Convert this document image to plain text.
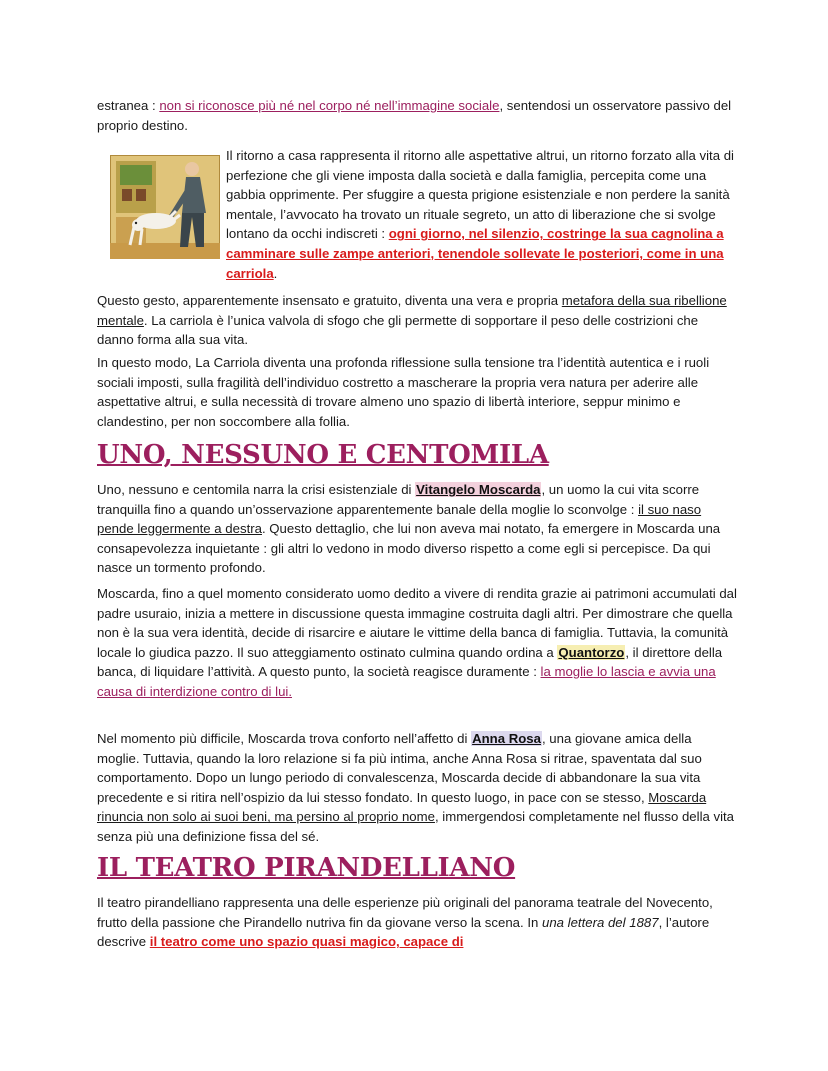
estranea : non si riconosce più né nel corpo né nell’immagine sociale, sentendosi un osservatore passivo del proprio destino.

Il ritorno a casa rappresenta il ritorno alle aspettative altrui, un ritorno forzato alla vita di perfezione che gli viene imposta dalla società e dalla famiglia, percepita come una gabbia opprimente. Per sfuggire a questa prigione esistenziale e non perdere la sanità mentale, l’avvocato ha trovato un rituale segreto, un atto di liberazione che si svolge lontano da occhi indiscreti : ogni giorno, nel silenzio, costringe la sua cagnolina a camminare sulle zampe anteriori, tenendole sollevate le posteriori, come in una carriola.

Questo gesto, apparentemente insensato e gratuito, diventa una vera e propria metafora della sua ribellione mentale. La carriola è l’unica valvola di sfogo che gli permette di sopportare il peso delle costrizioni che danno forma alla sua vita.

In questo modo, La Carriola diventa una profonda riflessione sulla tensione tra l’identità autentica e i ruoli sociali imposti, sulla fragilità dell’individuo costretto a mascherare la propria vera natura per aderire alle aspettative altrui, e sulla necessità di trovare almeno uno spazio di libertà interiore, seppur minimo e clandestino, per non soccombere alla follia.

UNO, NESSUNO E CENTOMILA

Uno, nessuno e centomila narra la crisi esistenziale di Vitangelo Moscarda, un uomo la cui vita scorre tranquilla fino a quando un’osservazione apparentemente banale della moglie lo sconvolge : il suo naso pende leggermente a destra. Questo dettaglio, che lui non aveva mai notato, fa emergere in Moscarda una consapevolezza inquietante : gli altri lo vedono in modo diverso rispetto a come egli si percepisce. Da qui nasce un tormento profondo.

Moscarda, fino a quel momento considerato uomo dedito a vivere di rendita grazie ai patrimoni accumulati dal padre usuraio, inizia a mettere in discussione questa immagine costruita dagli altri. Per dimostrare che quella non è la sua vera identità, decide di risarcire e aiutare le vittime della banca di famiglia. Tuttavia, la comunità locale lo giudica pazzo. Il suo atteggiamento ostinato culmina quando ordina a Quantorzo, il direttore della banca, di liquidare l’attività. A questo punto, la società reagisce duramente : la moglie lo lascia e avvia una causa di interdizione contro di lui.

Nel momento più difficile, Moscarda trova conforto nell’affetto di Anna Rosa, una giovane amica della moglie. Tuttavia, quando la loro relazione si fa più intima, anche Anna Rosa si ritrae, spaventata dal suo comportamento. Dopo un lungo periodo di convalescenza, Moscarda decide di abbandonare la sua vita precedente e si ritira nell’ospizio da lui stesso fondato. In questo luogo, in pace con se stesso, Moscarda rinuncia non solo ai suoi beni, ma persino al proprio nome, immergendosi completamente nel flusso della vita senza più una definizione fissa del sé.

IL TEATRO PIRANDELLIANO

Il teatro pirandelliano rappresenta una delle esperienze più originali del panorama teatrale del Novecento, frutto della passione che Pirandello nutriva fin da giovane verso la scena. In una lettera del 1887, l’autore descrive il teatro come uno spazio quasi magico, capace di
